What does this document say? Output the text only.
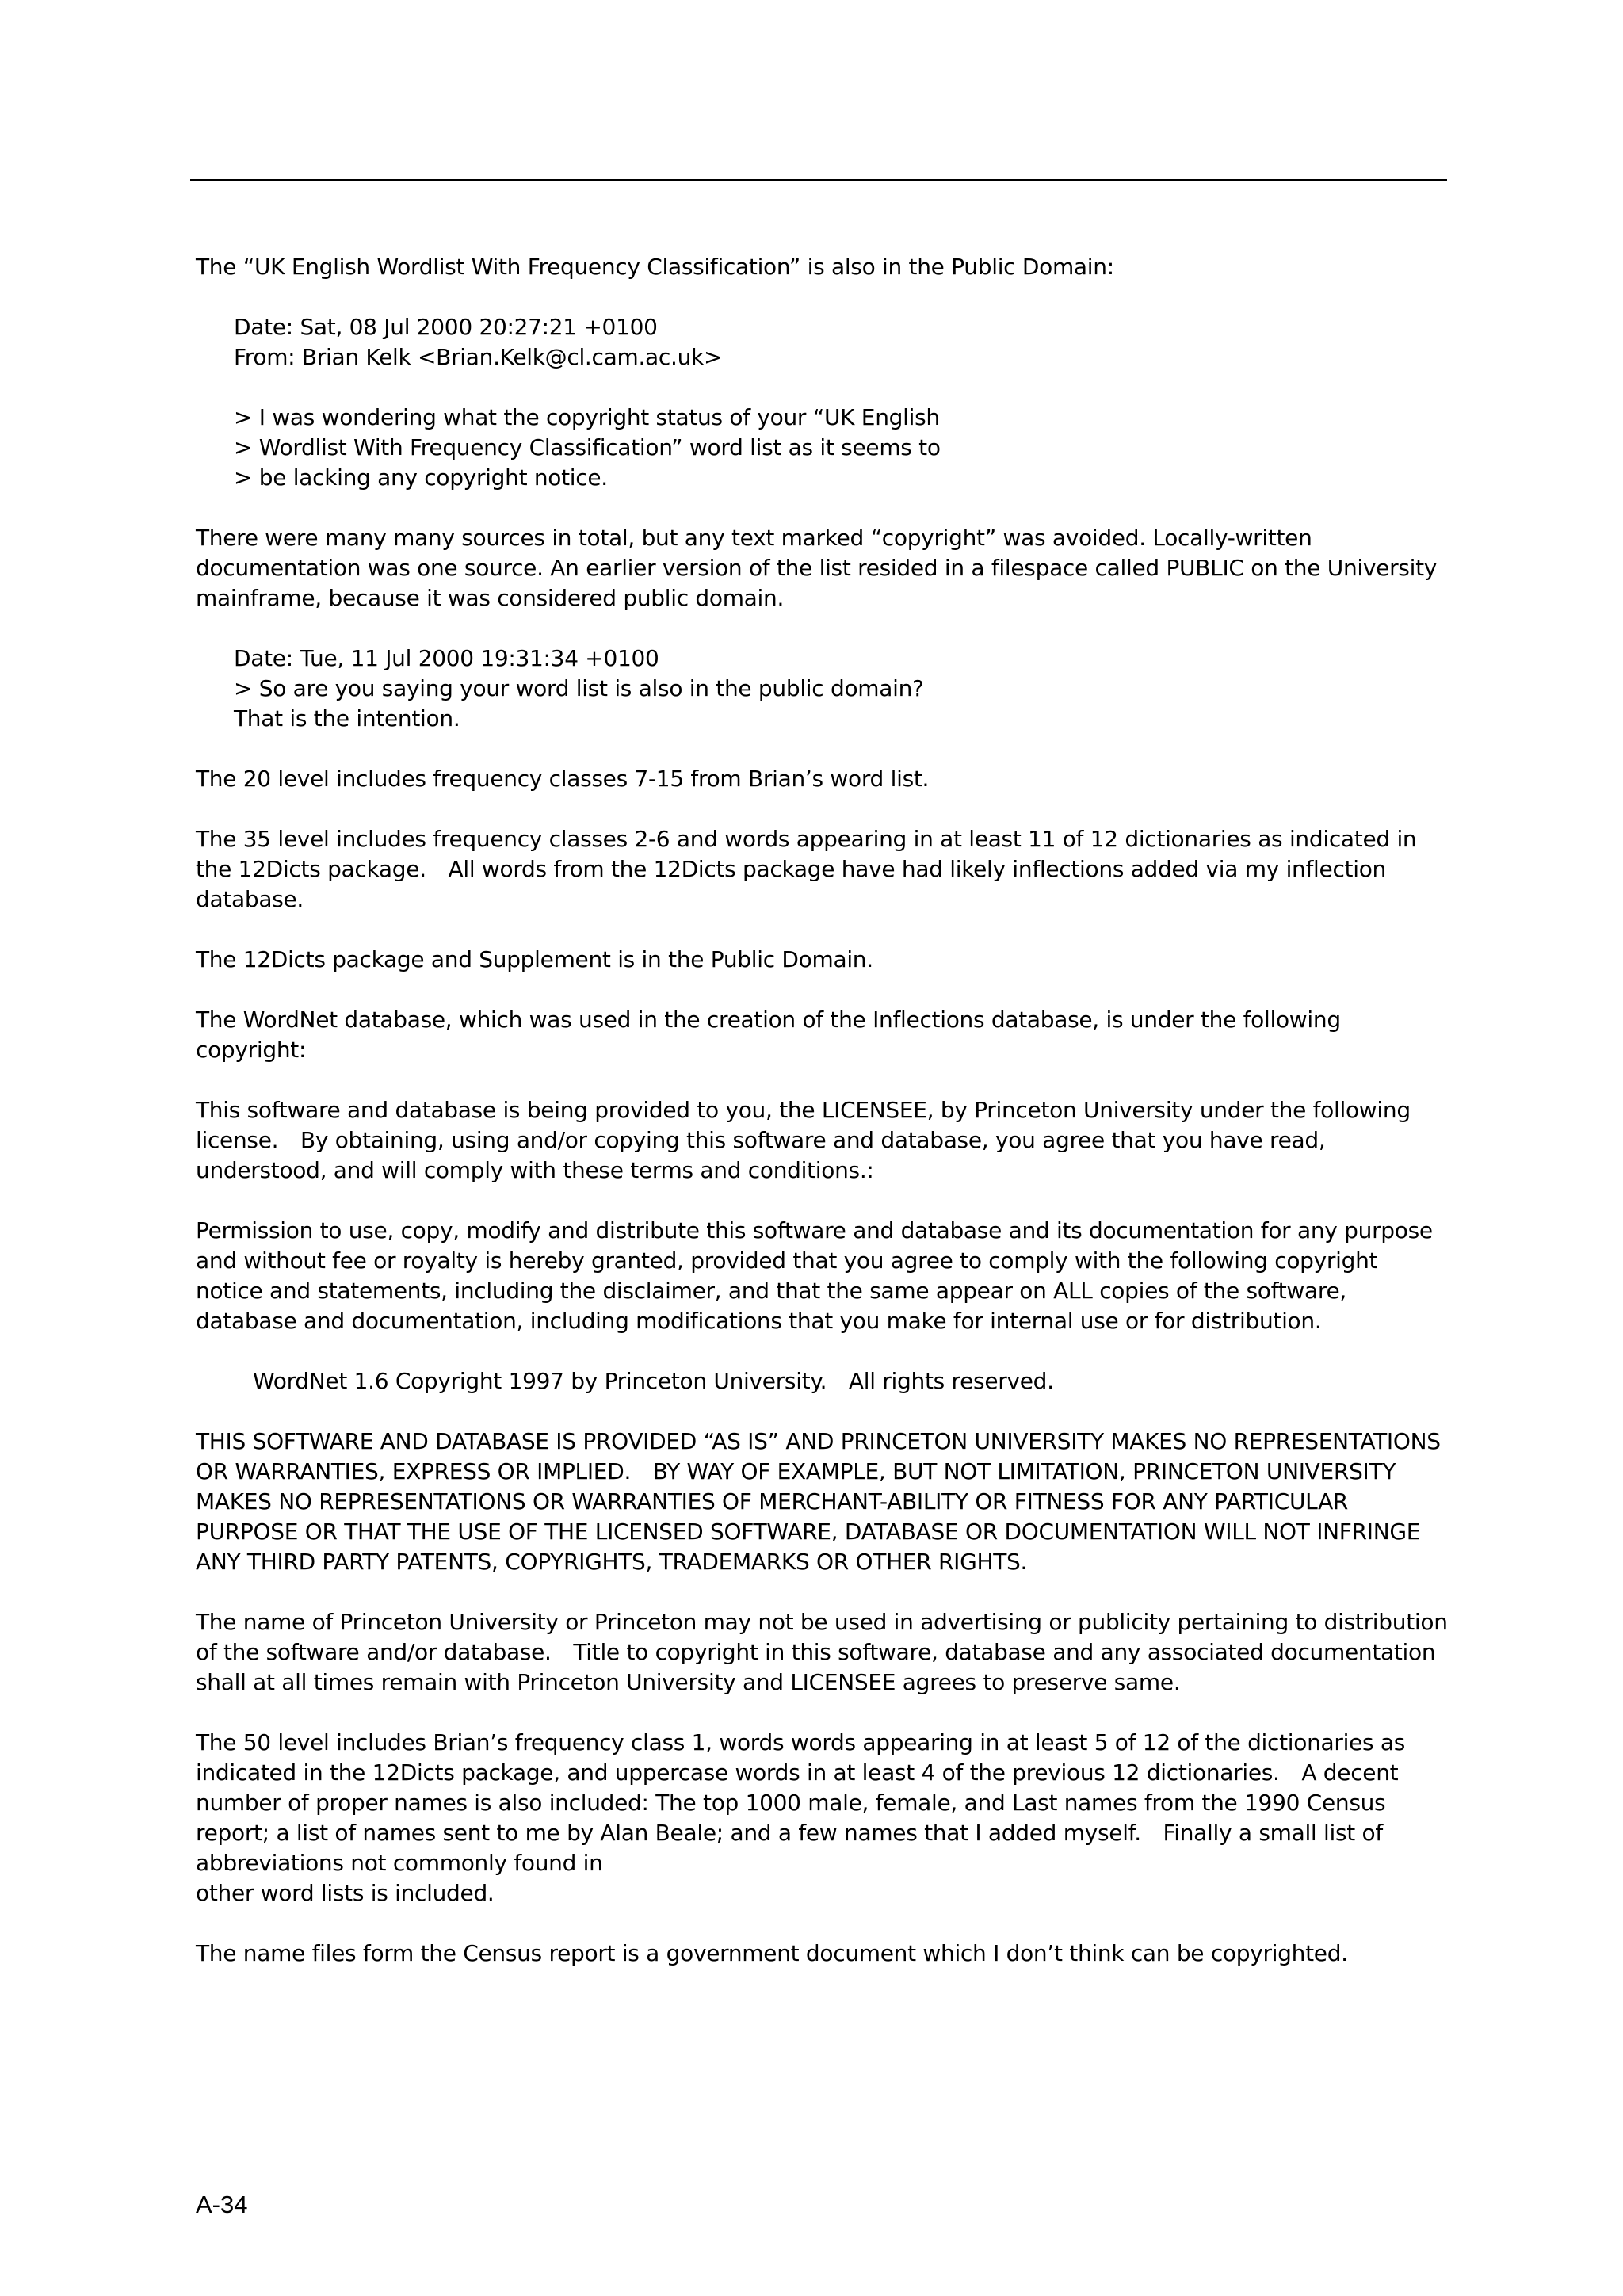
The “UK English Wordlist With Frequency Classification” is also in the Public Domain:

Date: Sat, 08 Jul 2000 20:27:21 +0100
From: Brian Kelk <Brian.Kelk@cl.cam.ac.uk>

> I was wondering what the copyright status of your “UK English
> Wordlist With Frequency Classification” word list as it seems to
> be lacking any copyright notice.

There were many many sources in total, but any text marked “copyright” was avoided. Locally-written documentation was one source. An earlier version of the list resided in a filespace called PUBLIC on the University mainframe, because it was considered public domain.

Date: Tue, 11 Jul 2000 19:31:34 +0100
> So are you saying your word list is also in the public domain?
That is the intention.

The 20 level includes frequency classes 7-15 from Brian’s word list.

The 35 level includes frequency classes 2-6 and words appearing in at least 11 of 12 dictionaries as indicated in the 12Dicts package.　All words from the 12Dicts package have had likely inflections added via my inflection database.

The 12Dicts package and Supplement is in the Public Domain.

The WordNet database, which was used in the creation of the Inflections database, is under the following copyright:

This software and database is being provided to you, the LICENSEE, by Princeton University under the following license.　By obtaining, using and/or copying this software and database, you agree that you have read, understood, and will comply with these terms and conditions.:

Permission to use, copy, modify and distribute this software and database and its documentation for any purpose and without fee or royalty is hereby granted, provided that you agree to comply with the following copyright notice and statements, including the disclaimer, and that the same appear on ALL copies of the software, database and documentation, including modifications that you make for internal use or for distribution.

WordNet 1.6 Copyright 1997 by Princeton University.　All rights reserved.

THIS SOFTWARE AND DATABASE IS PROVIDED “AS IS” AND PRINCETON UNIVERSITY MAKES NO REPRESENTATIONS OR WARRANTIES, EXPRESS OR IMPLIED.　BY WAY OF EXAMPLE, BUT NOT LIMITATION, PRINCETON UNIVERSITY MAKES NO REPRESENTATIONS OR WARRANTIES OF MERCHANT-ABILITY OR FITNESS FOR ANY PARTICULAR PURPOSE OR THAT THE USE OF THE LICENSED SOFTWARE, DATABASE OR DOCUMENTATION WILL NOT INFRINGE ANY THIRD PARTY PATENTS, COPYRIGHTS, TRADEMARKS OR OTHER RIGHTS.

The name of Princeton University or Princeton may not be used in advertising or publicity pertaining to distribution of the software and/or database.　Title to copyright in this software, database and any associated documentation shall at all times remain with Princeton University and LICENSEE agrees to preserve same.

The 50 level includes Brian’s frequency class 1, words words appearing in at least 5 of 12 of the dictionaries as indicated in the 12Dicts package, and uppercase words in at least 4 of the previous 12 dictionaries.　A decent number of proper names is also included: The top 1000 male, female, and Last names from the 1990 Census report; a list of names sent to me by Alan Beale; and a few names that I added myself.　Finally a small list of abbreviations not commonly found in
other word lists is included.

The name files form the Census report is a government document which I don’t think can be copyrighted.

A-34
